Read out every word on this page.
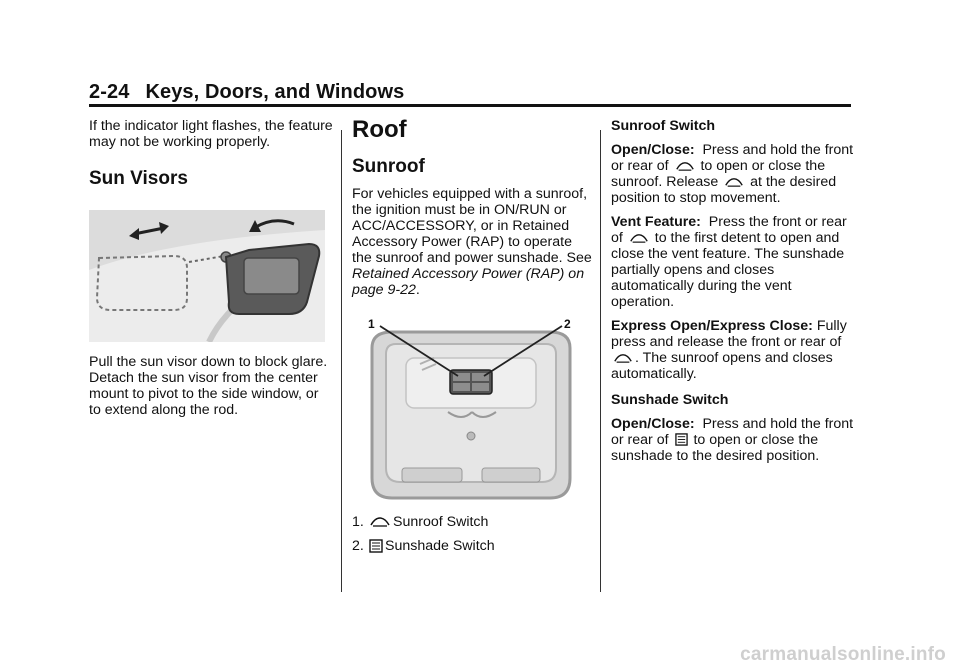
2-24 Keys, Doors, and Windows

If the indicator light flashes, the feature may not be working properly.

Sun Visors

Pull the sun visor down to block glare. Detach the sun visor from the center mount to pivot to the side window, or to extend along the rod.

Roof
Sunroof

For vehicles equipped with a sunroof, the ignition must be in ON/RUN or ACC/ACCESSORY, or in Retained Accessory Power (RAP) to operate the sunroof and power sunshade. See Retained Accessory Power (RAP) on page 9-22.

1	2
1. Sunroof Switch
2. Sunshade Switch

Sunroof Switch

Open/Close: Press and hold the front or rear of to open or close the sunroof. Release at the desired position to stop movement.

Vent Feature: Press the front or rear of to the first detent to open and close the vent feature. The sunshade partially opens and closes automatically during the vent operation.

Express Open/Express Close: Fully press and release the front or rear of . The sunroof opens and closes automatically.

Sunshade Switch

Open/Close: Press and hold the front or rear of to open or close the sunshade to the desired position.

carmanualsonline.info
